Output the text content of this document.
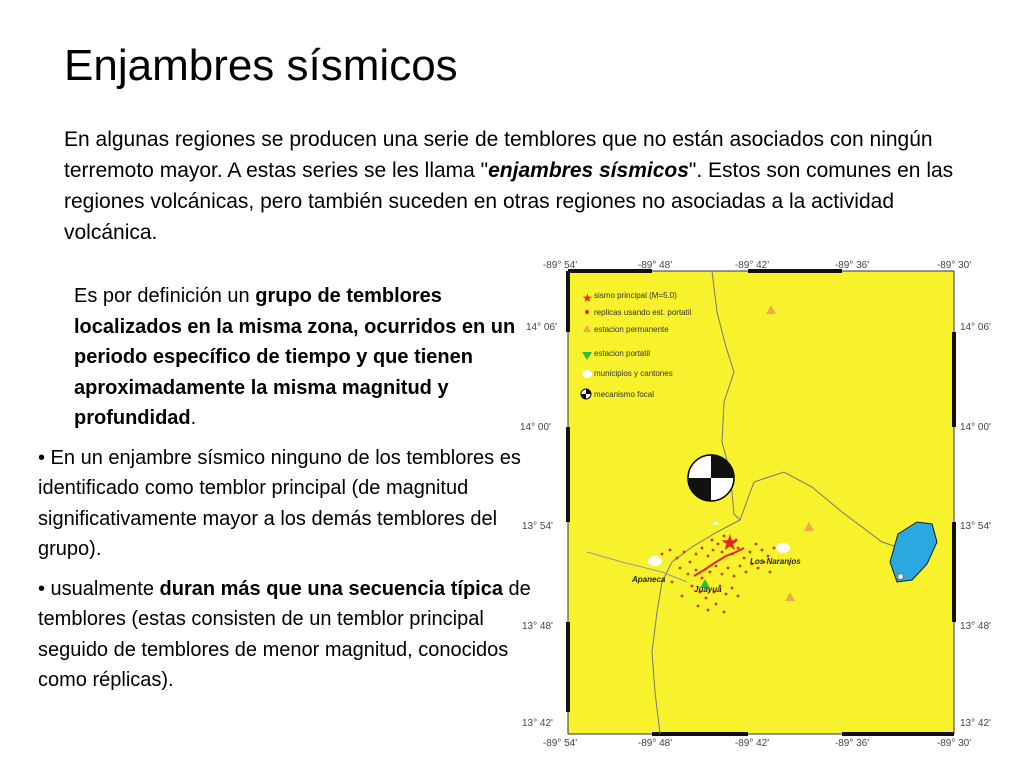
Enjambres sísmicos

En algunas regiones se producen una serie de temblores que no están asociados con ningún terremoto mayor. A estas series se les llama "enjambres sísmicos". Estos son comunes en las regiones volcánicas, pero también suceden en otras regiones no asociadas a la actividad volcánica.

Es por definición un grupo de temblores localizados en la misma zona, ocurridos en un periodo específico de tiempo y que tienen aproximadamente la misma magnitud y profundidad.

• En un enjambre sísmico ninguno de los temblores es identificado como temblor principal (de magnitud significativamente mayor a los demás temblores del grupo).

• usualmente duran más que una secuencia típica de temblores (estas consisten de un temblor principal seguido de temblores de menor magnitud, conocidos como réplicas).

-89° 54'	-89° 48'	-89° 42'	-89° 36'	-89° 30'
-89° 54'	-89° 48'	-89° 42'	-89° 36'	-89° 30'
14° 06'
14° 00'
13° 54'
13° 48'
13° 42'
14° 06'
14° 00'
13° 54'
13° 48'
13° 42'
★ sismo principal (M=5.0)
replicas usando est. portatil
estacion permanente
estacion portatil
municipios y cantones
mecanismo focal
★
Los Naranjos
Apaneca
Juayua
